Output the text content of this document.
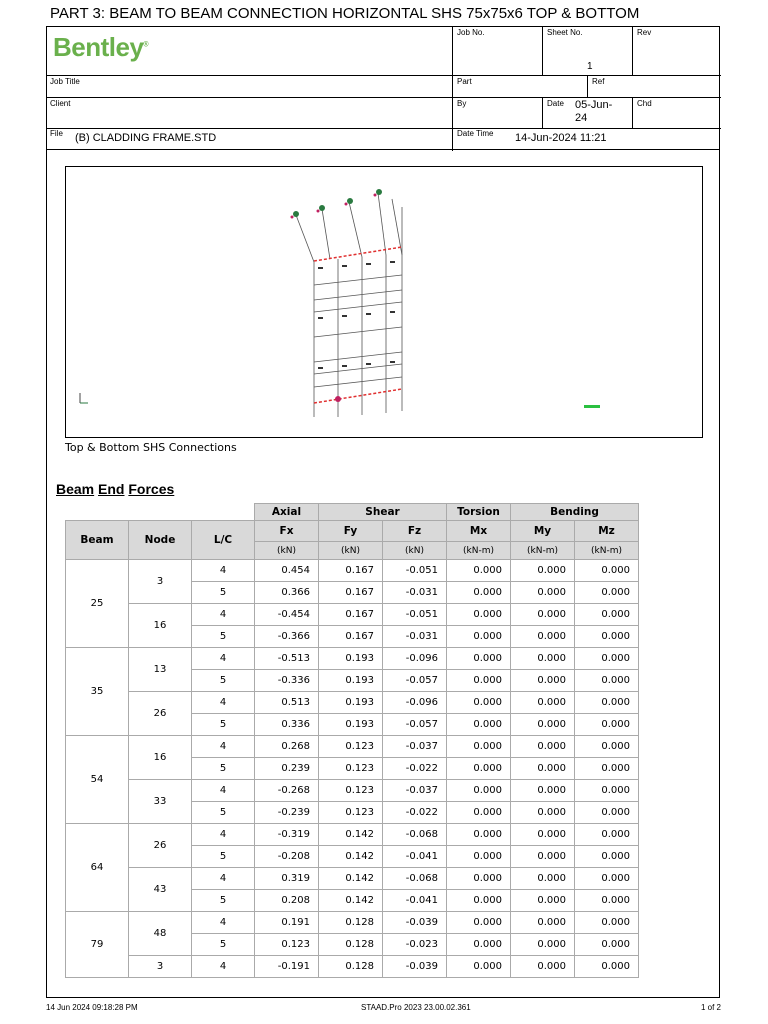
PART 3: BEAM TO BEAM CONNECTION HORIZONTAL SHS 75x75x6 TOP & BOTTOM
Bentley®
Job No.	Sheet No.
1
Rev
Job Title	Part	Ref
Client	By	Date 05-Jun-24
Chd
File (B) CLADDING FRAME.STD	Date Time 14-Jun-2024 11:21
Top & Bottom SHS Connections
Beam End Forces
			Axial	Shear		Torsion	Bending	
Beam	Node	L/C	Fx	Fy	Fz	Mx	My	Mz
			(kN)	(kN)	(kN)	(kN-m)	(kN-m)	(kN-m)
25	3	4	0.454	0.167	-0.051	0.000	0.000	0.000
		5	0.366	0.167	-0.031	0.000	0.000	0.000
	16	4	-0.454	0.167	-0.051	0.000	0.000	0.000
		5	-0.366	0.167	-0.031	0.000	0.000	0.000
35	13	4	-0.513	0.193	-0.096	0.000	0.000	0.000
		5	-0.336	0.193	-0.057	0.000	0.000	0.000
	26	4	0.513	0.193	-0.096	0.000	0.000	0.000
		5	0.336	0.193	-0.057	0.000	0.000	0.000
54	16	4	0.268	0.123	-0.037	0.000	0.000	0.000
		5	0.239	0.123	-0.022	0.000	0.000	0.000
	33	4	-0.268	0.123	-0.037	0.000	0.000	0.000
		5	-0.239	0.123	-0.022	0.000	0.000	0.000
64	26	4	-0.319	0.142	-0.068	0.000	0.000	0.000
		5	-0.208	0.142	-0.041	0.000	0.000	0.000
	43	4	0.319	0.142	-0.068	0.000	0.000	0.000
		5	0.208	0.142	-0.041	0.000	0.000	0.000
79	48	4	0.191	0.128	-0.039	0.000	0.000	0.000
		5	0.123	0.128	-0.023	0.000	0.000	0.000
	3	4	-0.191	0.128	-0.039	0.000	0.000	0.000
14 Jun 2024 09:18:28 PM	STAAD.Pro 2023 23.00.02.361	1 of 2
